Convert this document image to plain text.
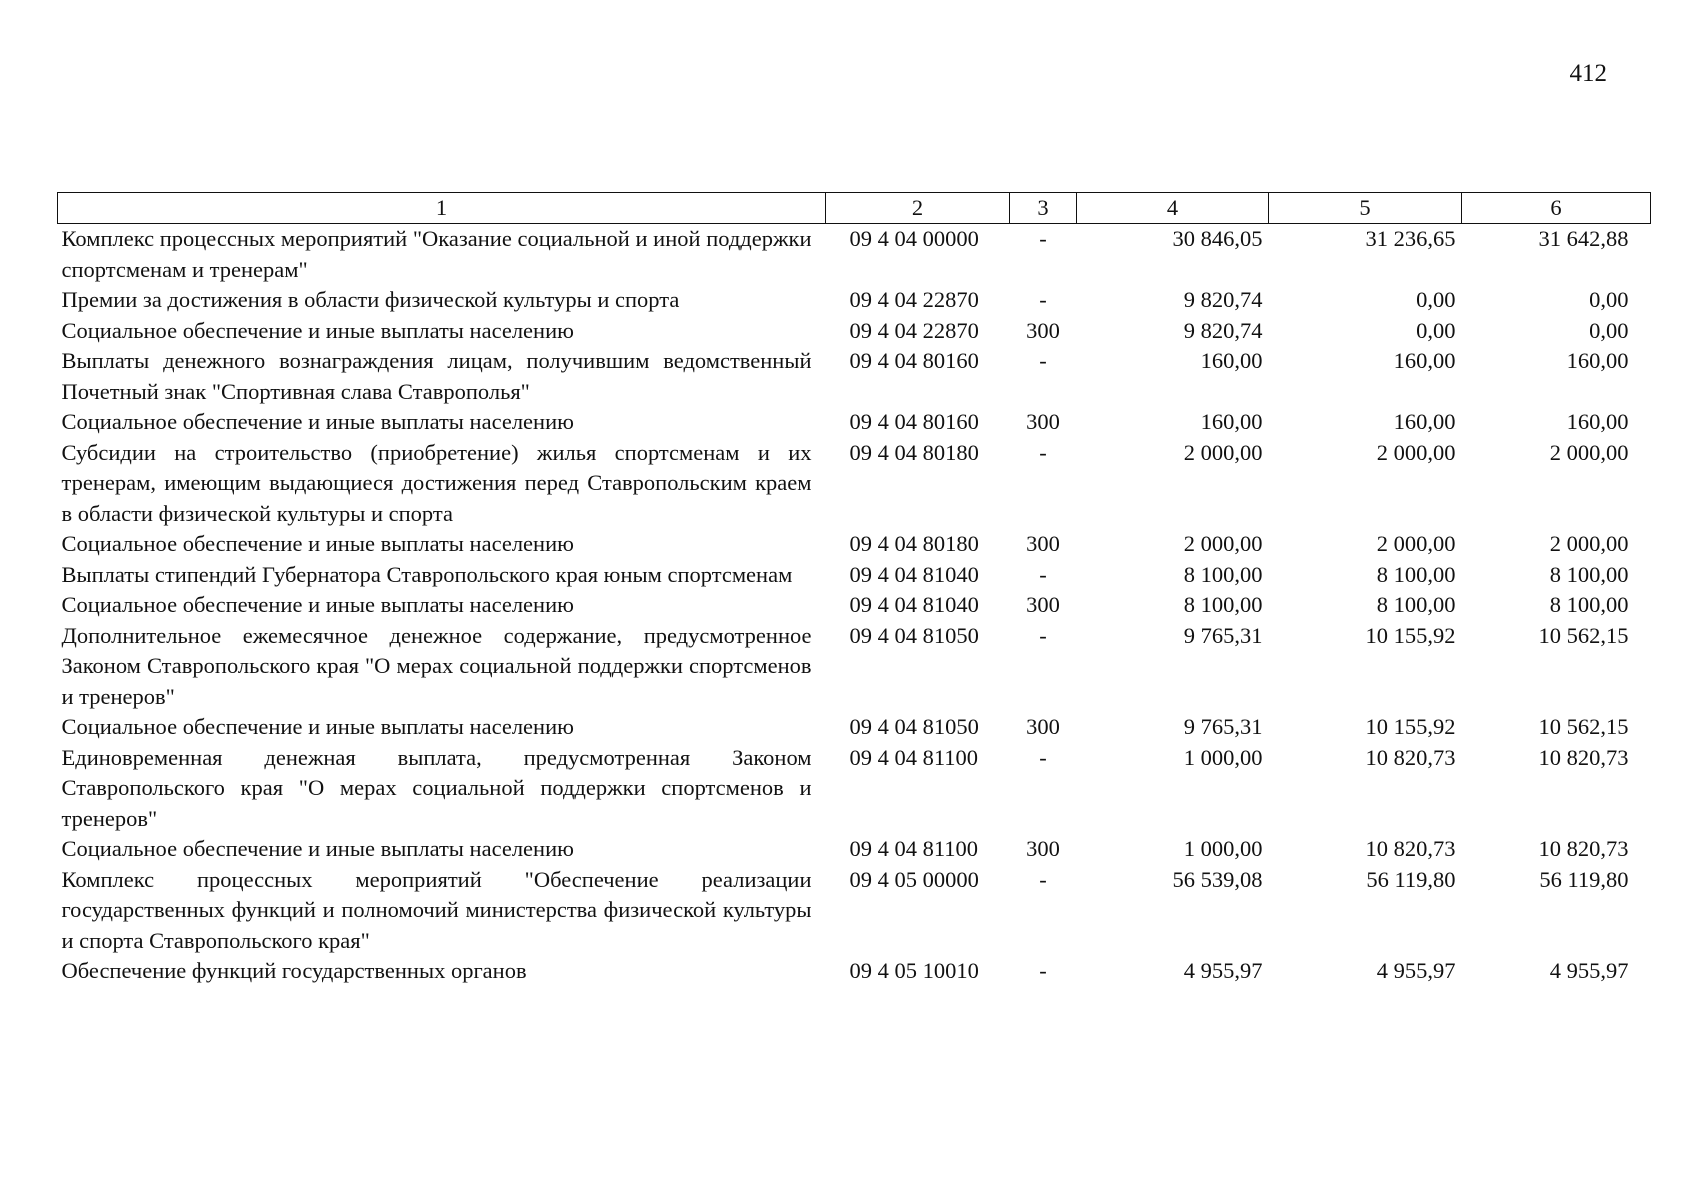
412
1	2	3	4	5	6
Комплекс процессных мероприятий "Оказание социальной и иной поддержки спортсменам и тренерам"	09 4 04 00000	-	30 846,05	31 236,65	31 642,88
Премии за достижения в области физической культуры и спорта	09 4 04 22870	-	9 820,74	0,00	0,00
Социальное обеспечение и иные выплаты населению	09 4 04 22870	300	9 820,74	0,00	0,00
Выплаты денежного вознаграждения лицам, получившим ведомственный Почетный знак "Спортивная слава Ставрополья"	09 4 04 80160	-	160,00	160,00	160,00
Социальное обеспечение и иные выплаты населению	09 4 04 80160	300	160,00	160,00	160,00
Субсидии на строительство (приобретение) жилья спортсменам и их тренерам, имеющим выдающиеся достижения перед Ставропольским краем в области физической культуры и спорта	09 4 04 80180	-	2 000,00	2 000,00	2 000,00
Социальное обеспечение и иные выплаты населению	09 4 04 80180	300	2 000,00	2 000,00	2 000,00
Выплаты стипендий Губернатора Ставропольского края юным спортсменам	09 4 04 81040	-	8 100,00	8 100,00	8 100,00
Социальное обеспечение и иные выплаты населению	09 4 04 81040	300	8 100,00	8 100,00	8 100,00
Дополнительное ежемесячное денежное содержание, предусмотренное Законом Ставропольского края "О мерах социальной поддержки спортсменов и тренеров"	09 4 04 81050	-	9 765,31	10 155,92	10 562,15
Социальное обеспечение и иные выплаты населению	09 4 04 81050	300	9 765,31	10 155,92	10 562,15
Единовременная денежная выплата, предусмотренная Законом Ставропольского края "О мерах социальной поддержки спортсменов и тренеров"	09 4 04 81100	-	1 000,00	10 820,73	10 820,73
Социальное обеспечение и иные выплаты населению	09 4 04 81100	300	1 000,00	10 820,73	10 820,73
Комплекс процессных мероприятий "Обеспечение реализации государственных функций и полномочий министерства физической культуры и спорта Ставропольского края"	09 4 05 00000	-	56 539,08	56 119,80	56 119,80
Обеспечение функций государственных органов	09 4 05 10010	-	4 955,97	4 955,97	4 955,97
